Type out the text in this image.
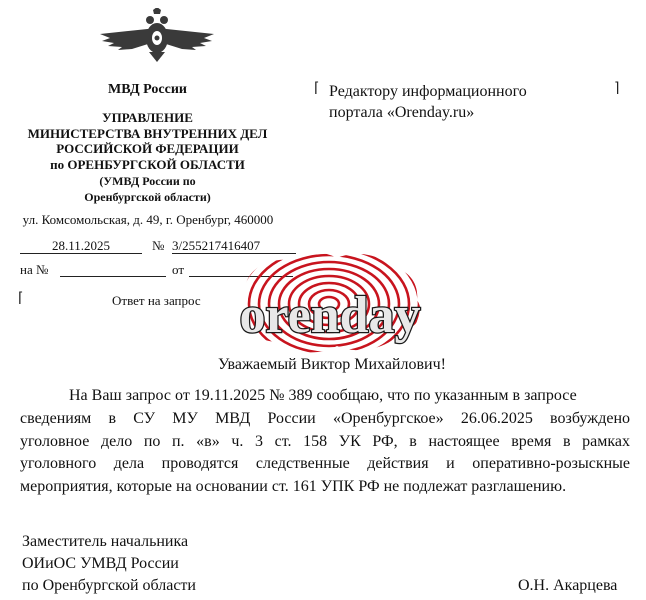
МВД России
УПРАВЛЕНИЕ
МИНИСТЕРСТВА ВНУТРЕННИХ ДЕЛ
РОССИЙСКОЙ ФЕДЕРАЦИИ
по ОРЕНБУРГСКОЙ ОБЛАСТИ
(УМВД России по
Оренбургской области)
ул. Комсомольская, д. 49, г. Оренбург, 460000
28.11.2025	№ 3/255217416407
на №	от
⌈	Ответ на запрос
⌈ Редактору информационного
портала «Orenday.ru»
⌉
orenday
Уважаемый Виктор Михайлович!
На Ваш запрос от 19.11.2025 № 389 сообщаю, что по указанным в запросе
сведениям в СУ МУ МВД России «Оренбургское» 26.06.2025 возбуждено
уголовное дело по п. «в» ч. 3 ст. 158 УК РФ, в настоящее время в рамках
уголовного дела проводятся следственные действия и оперативно-розыскные
мероприятия, которые на основании ст. 161 УПК РФ не подлежат разглашению.
Заместитель начальника
ОИиОС УМВД России
по Оренбургской области	О.Н. Акарцева
